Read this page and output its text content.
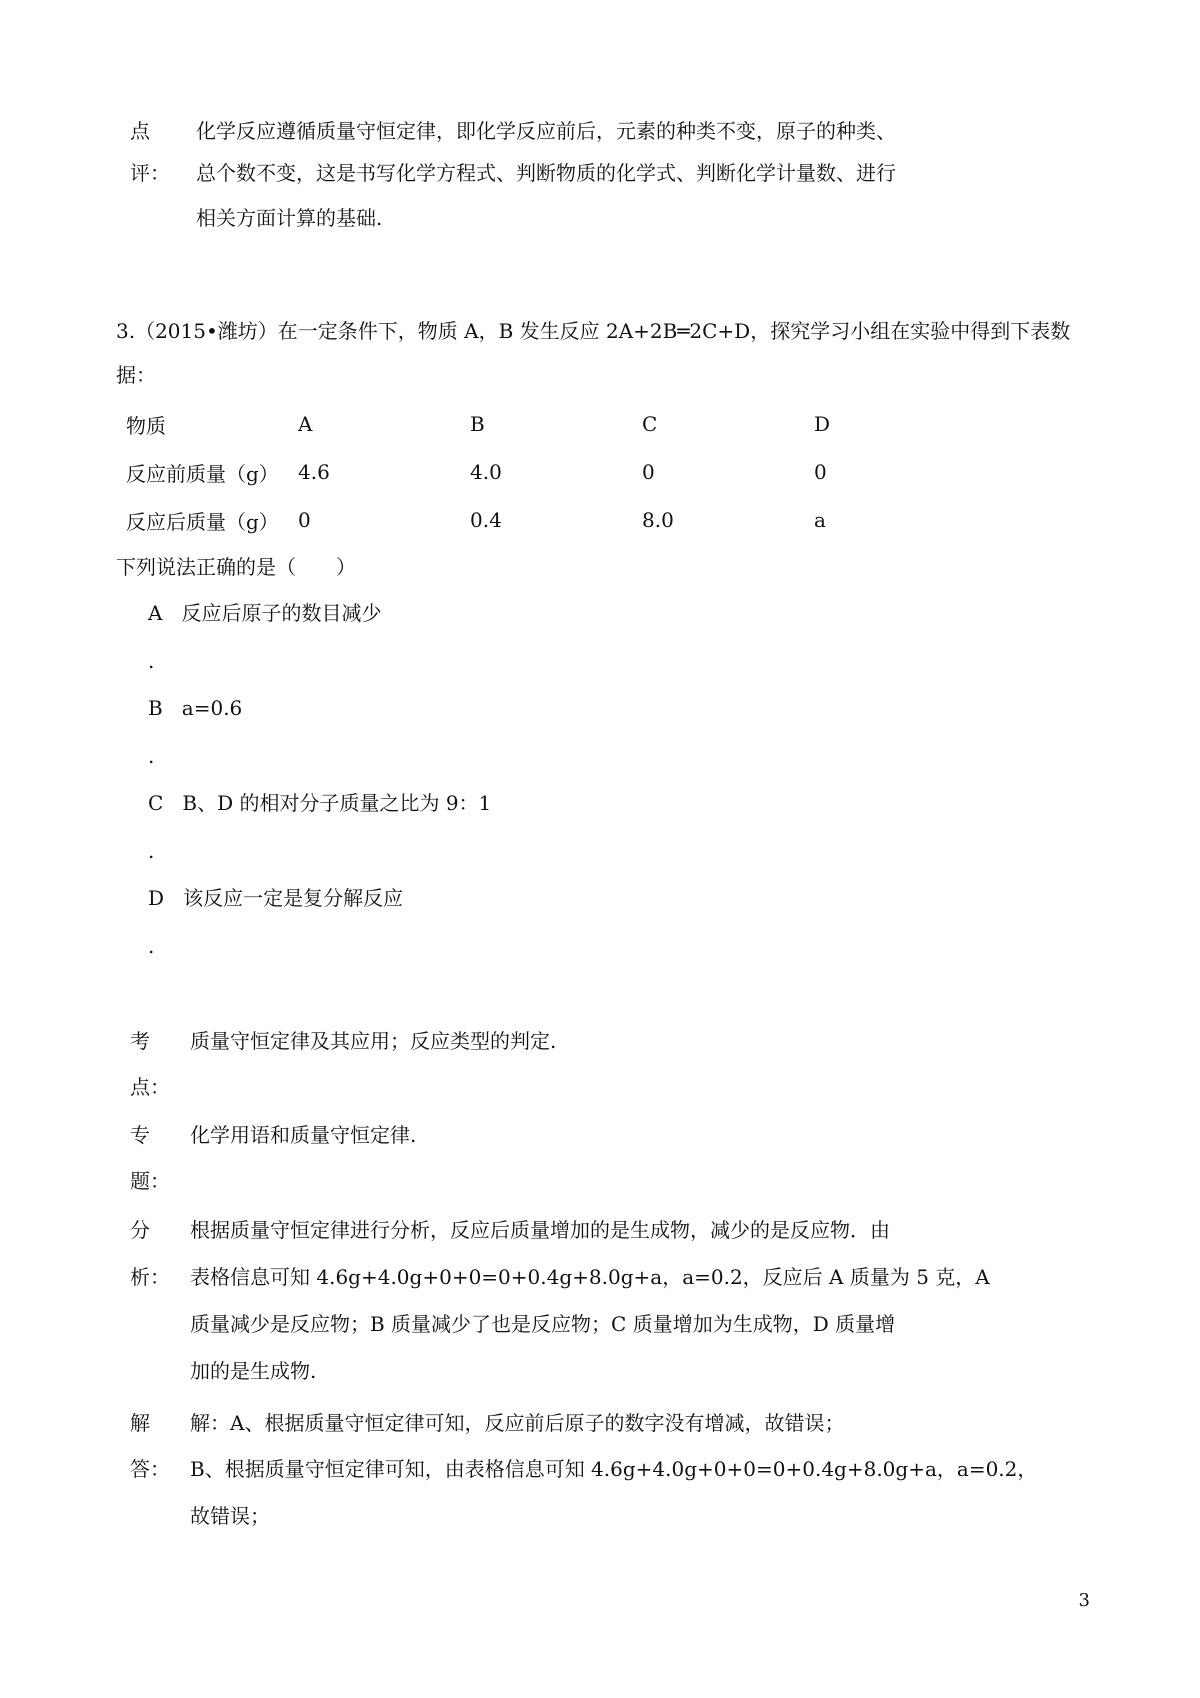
点
评：
化学反应遵循质量守恒定律，即化学反应前后，元素的种类不变，原子的种类、
总个数不变，这是书写化学方程式、判断物质的化学式、判断化学计量数、进行
相关方面计算的基础.
3.（2015•潍坊）在一定条件下，物质 A，B 发生反应 2A+2B═2C+D，探究学习小组在实验中得到下表数
据：
物质	A	B	C	D
反应前质量（g）	4.6	4.0	0	0
反应后质量（g）	0	0.4	8.0	a
下列说法正确的是（　　）
A 反应后原子的数目减少
.
B a=0.6
.
C B、D 的相对分子质量之比为 9：1
.
D 该反应一定是复分解反应
.
考
点：
质量守恒定律及其应用；反应类型的判定.
专
题：
化学用语和质量守恒定律.
分
析：
根据质量守恒定律进行分析，反应后质量增加的是生成物，减少的是反应物．由
表格信息可知 4.6g+4.0g+0+0=0+0.4g+8.0g+a，a=0.2，反应后 A 质量为 5 克，A
质量减少是反应物；B 质量减少了也是反应物；C 质量增加为生成物，D 质量增
加的是生成物.
解
答：
解：A、根据质量守恒定律可知，反应前后原子的数字没有增减，故错误；
B、根据质量守恒定律可知，由表格信息可知 4.6g+4.0g+0+0=0+0.4g+8.0g+a，a=0.2，
故错误；
3
